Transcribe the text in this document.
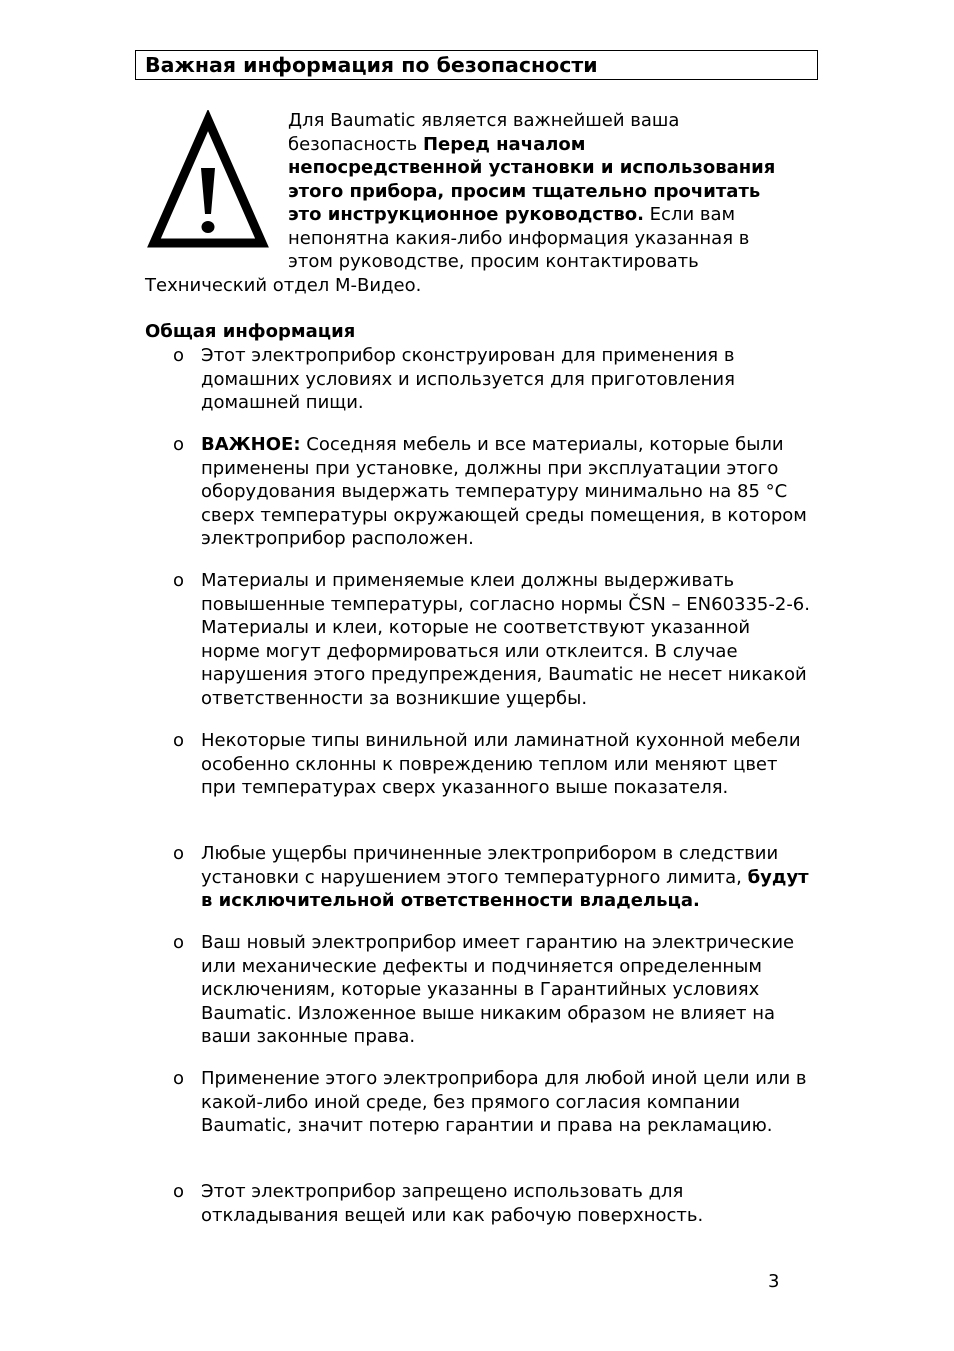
Важная информация по безопасности

Для Baumatic является важнейшей ваша безопасность Перед началом непосредственной установки и использования этого прибора, просим тщательно прочитать это инструкционное руководство. Если вам непонятна какия-либо информация указанная в этом руководстве, просим контактировать Технический отдел М-Видео.

Общая информация
o Этот электроприбор сконструирован для применения в домашних условиях и используется для приготовления домашней пищи.
o ВАЖНОЕ: Соседняя мебель и все материалы, которые были применены при установке, должны при эксплуатации этого оборудования выдержать температуру минимально на 85 °C сверх температуры окружающей среды помещения, в котором электроприбор расположен.
o Материалы и применяемые клеи должны выдерживать повышенные температуры, согласно нормы ČSN – EN60335-2-6. Материалы и клеи, которые не соответствуют указанной норме могут деформироваться или отклеится. В случае нарушения этого предупреждения, Baumatic не несет никакой ответственности за возникшие ущербы.
o Некоторые типы винильной или ламинатной кухонной мебели особенно склонны к повреждению теплом или меняют цвет при температурах сверх указанного выше показателя.
o Любые ущербы причиненные электроприбором в следствии установки с нарушением этого температурного лимита, будут в исключительной ответственности владельца.
o Ваш новый электроприбор имеет гарантию на электрические или механические дефекты и подчиняется определенным исключениям, которые указанны в Гарантийных условиях Baumatic. Изложенное выше никаким образом не влияет на ваши законные права.
o Применение этого электроприбора для любой иной цели или в какой-либо иной среде, без прямого согласия компании Baumatic, значит потерю гарантии и права на рекламацию.
o Этот электроприбор запрещено использовать для откладывания вещей или как рабочую поверхность.
3
